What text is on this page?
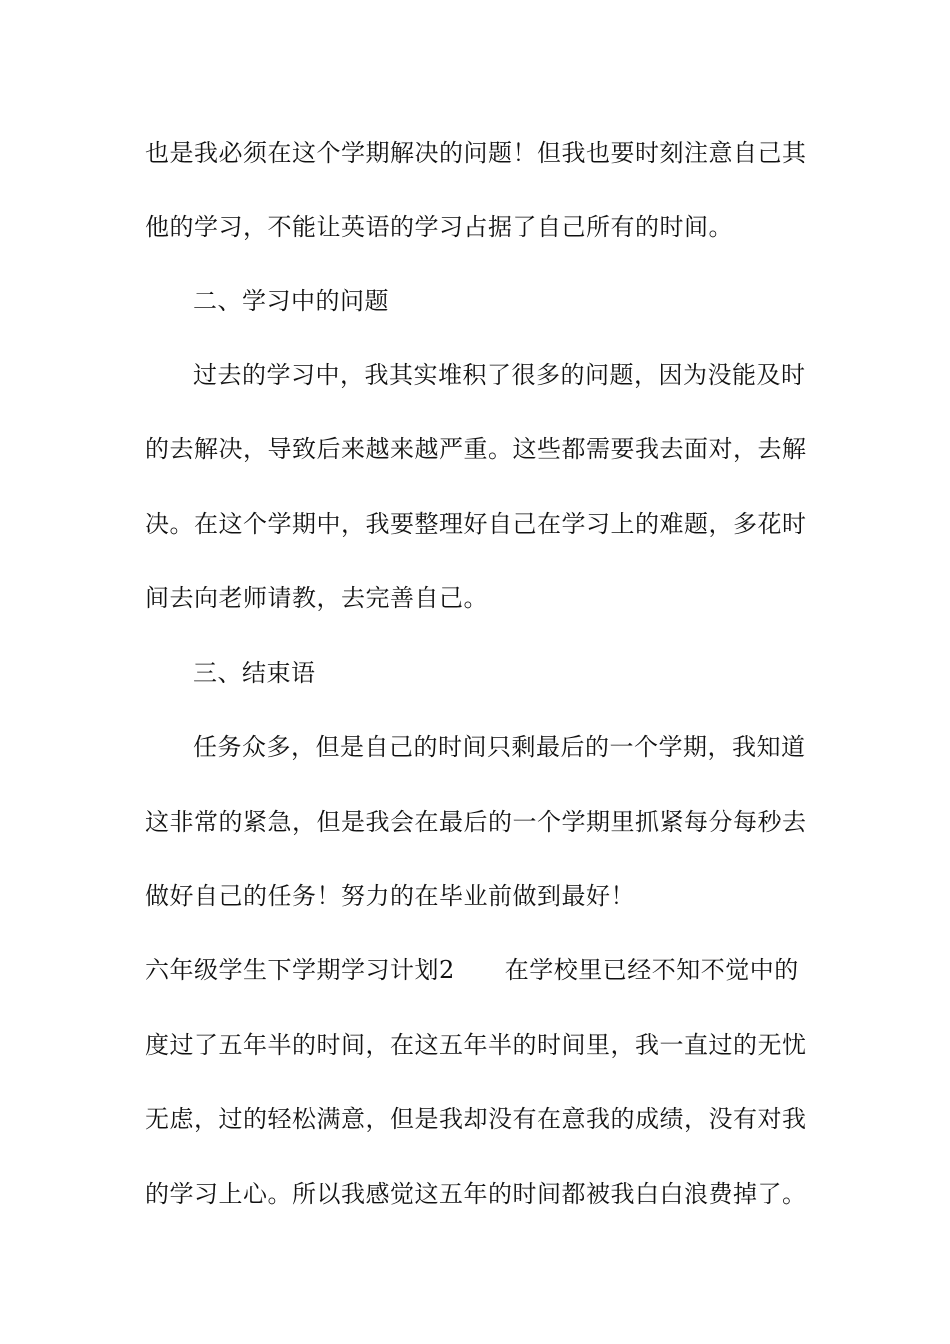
也是我必须在这个学期解决的问题！但我也要时刻注意自己其
他的学习，不能让英语的学习占据了自己所有的时间。
二、学习中的问题
过去的学习中，我其实堆积了很多的问题，因为没能及时
的去解决，导致后来越来越严重。这些都需要我去面对，去解
决。在这个学期中，我要整理好自己在学习上的难题，多花时
间去向老师请教，去完善自己。
三、结束语
任务众多，但是自己的时间只剩最后的一个学期，我知道
这非常的紧急，但是我会在最后的一个学期里抓紧每分每秒去
做好自己的任务！努力的在毕业前做到最好！
六年级学生下学期学习计划2 在学校里已经不知不觉中的
度过了五年半的时间，在这五年半的时间里，我一直过的无忧
无虑，过的轻松满意，但是我却没有在意我的成绩，没有对我
的学习上心。所以我感觉这五年的时间都被我白白浪费掉了。
